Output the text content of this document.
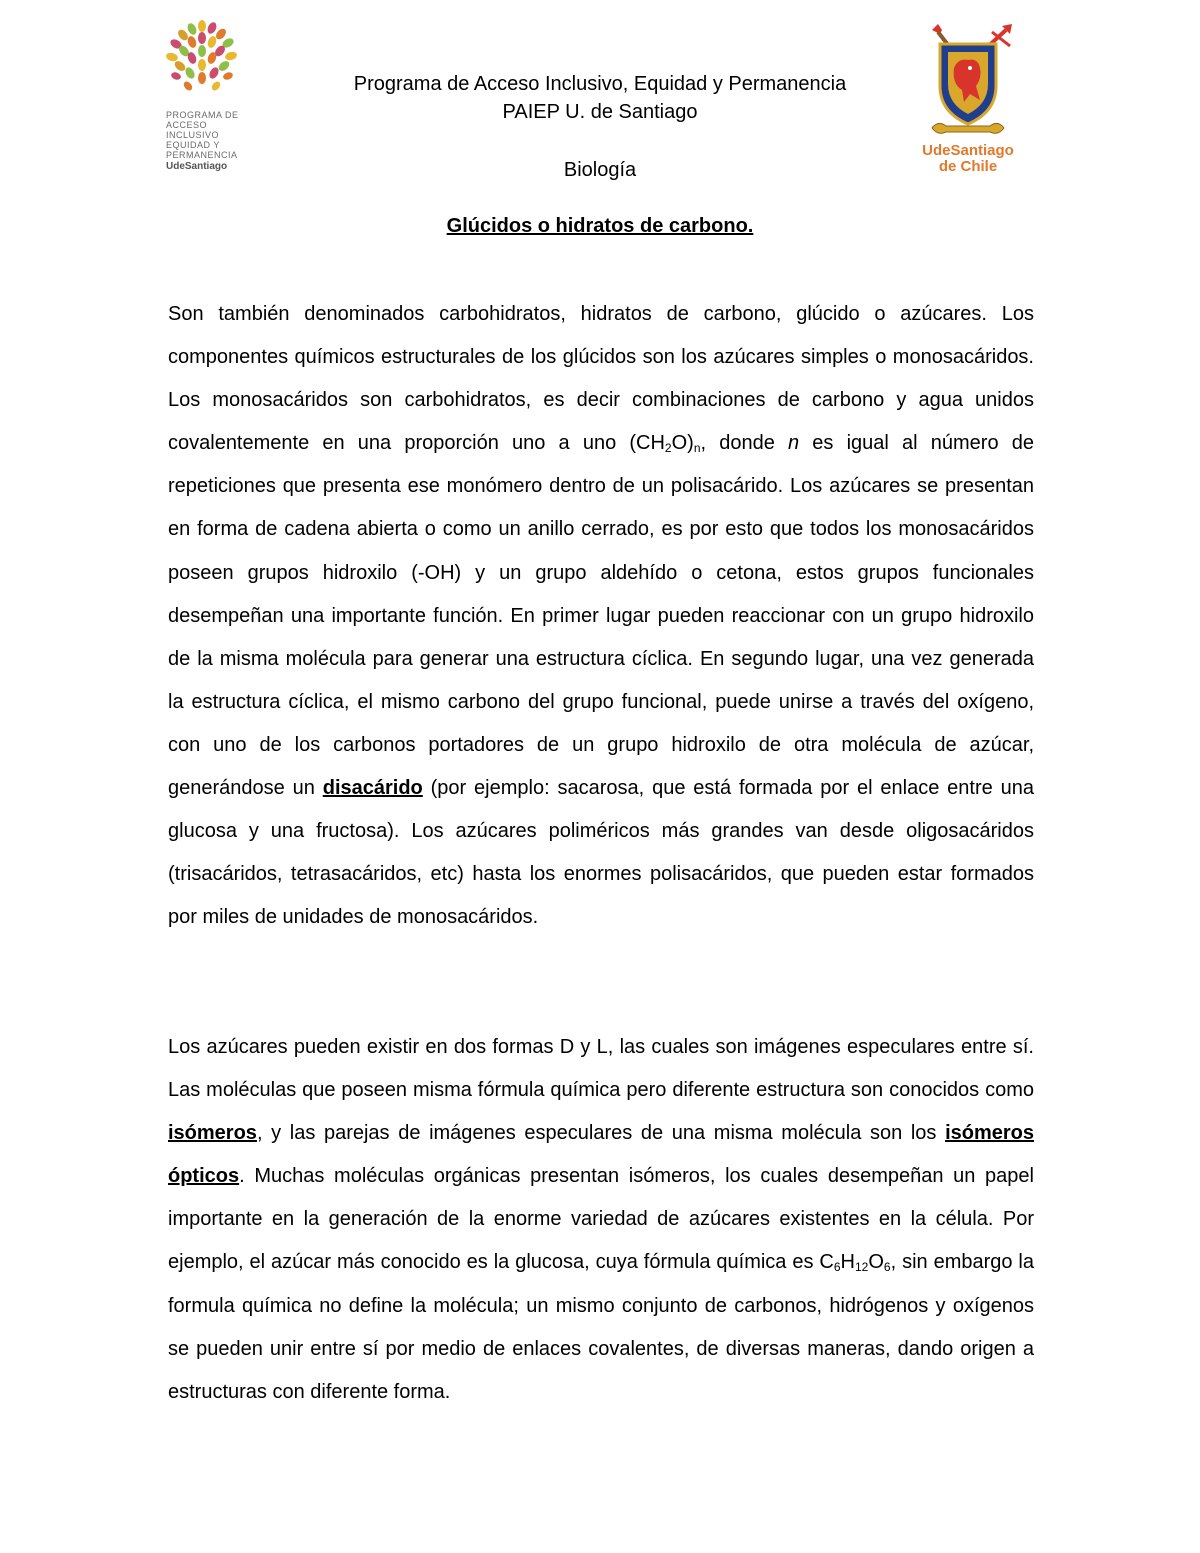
PROGRAMA DE
ACCESO
INCLUSIVO
EQUIDAD Y
PERMANENCIA
UdeSantiago
UdeSantiago
de Chile
Programa de Acceso Inclusivo, Equidad y Permanencia
PAIEP U. de Santiago
Biología
Glúcidos o hidratos de carbono.
Son también denominados carbohidratos, hidratos de carbono, glúcido o azúcares. Los componentes químicos estructurales de los glúcidos son los azúcares simples o monosacáridos. Los monosacáridos son carbohidratos, es decir combinaciones de carbono y agua unidos covalentemente en una proporción uno a uno $(CH_2O)_n$, donde n es igual al número de repeticiones que presenta ese monómero dentro de un polisacárido. Los azúcares se presentan en forma de cadena abierta o como un anillo cerrado, es por esto que todos los monosacáridos poseen grupos hidroxilo (-OH) y un grupo aldehído o cetona, estos grupos funcionales desempeñan una importante función. En primer lugar pueden reaccionar con un grupo hidroxilo de la misma molécula para generar una estructura cíclica. En segundo lugar, una vez generada la estructura cíclica, el mismo carbono del grupo funcional, puede unirse a través del oxígeno, con uno de los carbonos portadores de un grupo hidroxilo de otra molécula de azúcar, generándose un disacárido (por ejemplo: sacarosa, que está formada por el enlace entre una glucosa y una fructosa). Los azúcares poliméricos más grandes van desde oligosacáridos (trisacáridos, tetrasacáridos, etc) hasta los enormes polisacáridos, que pueden estar formados por miles de unidades de monosacáridos.
Los azúcares pueden existir en dos formas D y L, las cuales son imágenes especulares entre sí. Las moléculas que poseen misma fórmula química pero diferente estructura son conocidos como isómeros, y las parejas de imágenes especulares de una misma molécula son los isómeros ópticos. Muchas moléculas orgánicas presentan isómeros, los cuales desempeñan un papel importante en la generación de la enorme variedad de azúcares existentes en la célula. Por ejemplo, el azúcar más conocido es la glucosa, cuya fórmula química es $C_6H_{12}O_6$, sin embargo la formula química no define la molécula; un mismo conjunto de carbonos, hidrógenos y oxígenos se pueden unir entre sí por medio de enlaces covalentes, de diversas maneras, dando origen a estructuras con diferente forma.
